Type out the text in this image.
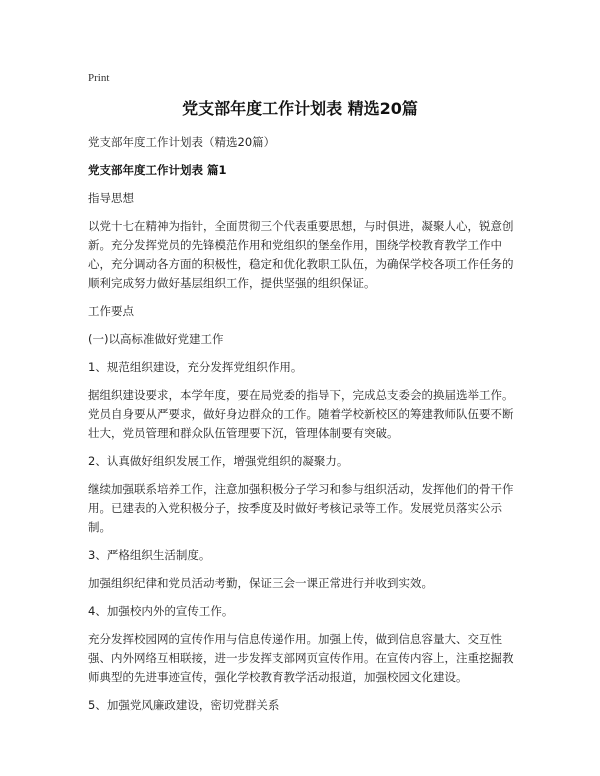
Print
党支部年度工作计划表 精选20篇

党支部年度工作计划表（精选20篇）

党支部年度工作计划表 篇1

指导思想

以党十七在精神为指针，全面贯彻三个代表重要思想，与时俱进，凝聚人心，锐意创新。充分发挥党员的先锋模范作用和党组织的堡垒作用，围绕学校教育教学工作中心，充分调动各方面的积极性，稳定和优化教职工队伍，为确保学校各项工作任务的顺利完成努力做好基层组织工作，提供坚强的组织保证。

工作要点

(一)以高标准做好党建工作

1、规范组织建设，充分发挥党组织作用。

据组织建设要求，本学年度，要在局党委的指导下，完成总支委会的换届选举工作。党员自身要从严要求，做好身边群众的工作。随着学校新校区的筹建教师队伍要不断壮大，党员管理和群众队伍管理要下沉，管理体制要有突破。

2、认真做好组织发展工作，增强党组织的凝聚力。

继续加强联系培养工作，注意加强积极分子学习和参与组织活动，发挥他们的骨干作用。已建表的入党积极分子，按季度及时做好考核记录等工作。发展党员落实公示制。

3、严格组织生活制度。

加强组织纪律和党员活动考勤，保证三会一课正常进行并收到实效。

4、加强校内外的宣传工作。

充分发挥校园网的宣传作用与信息传递作用。加强上传，做到信息容量大、交互性强、内外网络互相联接，进一步发挥支部网页宣传作用。在宣传内容上，注重挖掘教师典型的先进事迹宣传，强化学校教育教学活动报道，加强校园文化建设。

5、加强党风廉政建设，密切党群关系
